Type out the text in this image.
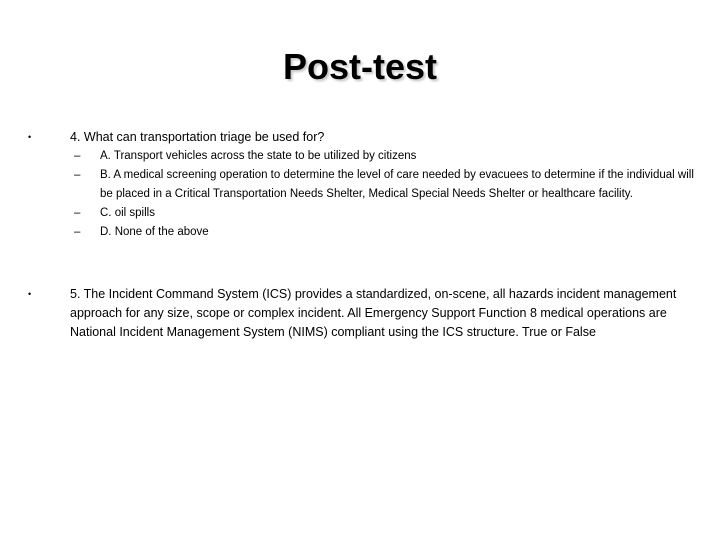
Post-test
•	4. What can transportation triage be used for?
–	A. Transport vehicles across the state to be utilized by citizens
–	B. A medical screening operation to determine the level of care needed by evacuees to determine if the individual will be placed in a Critical Transportation Needs Shelter, Medical Special Needs Shelter or healthcare facility.
–	C. oil spills
–	D. None of the above
•	5. The Incident Command System (ICS) provides a standardized, on-scene, all hazards incident management approach for any size, scope or complex incident. All Emergency Support Function 8 medical operations are National Incident Management System (NIMS) compliant using the ICS structure. True or False
